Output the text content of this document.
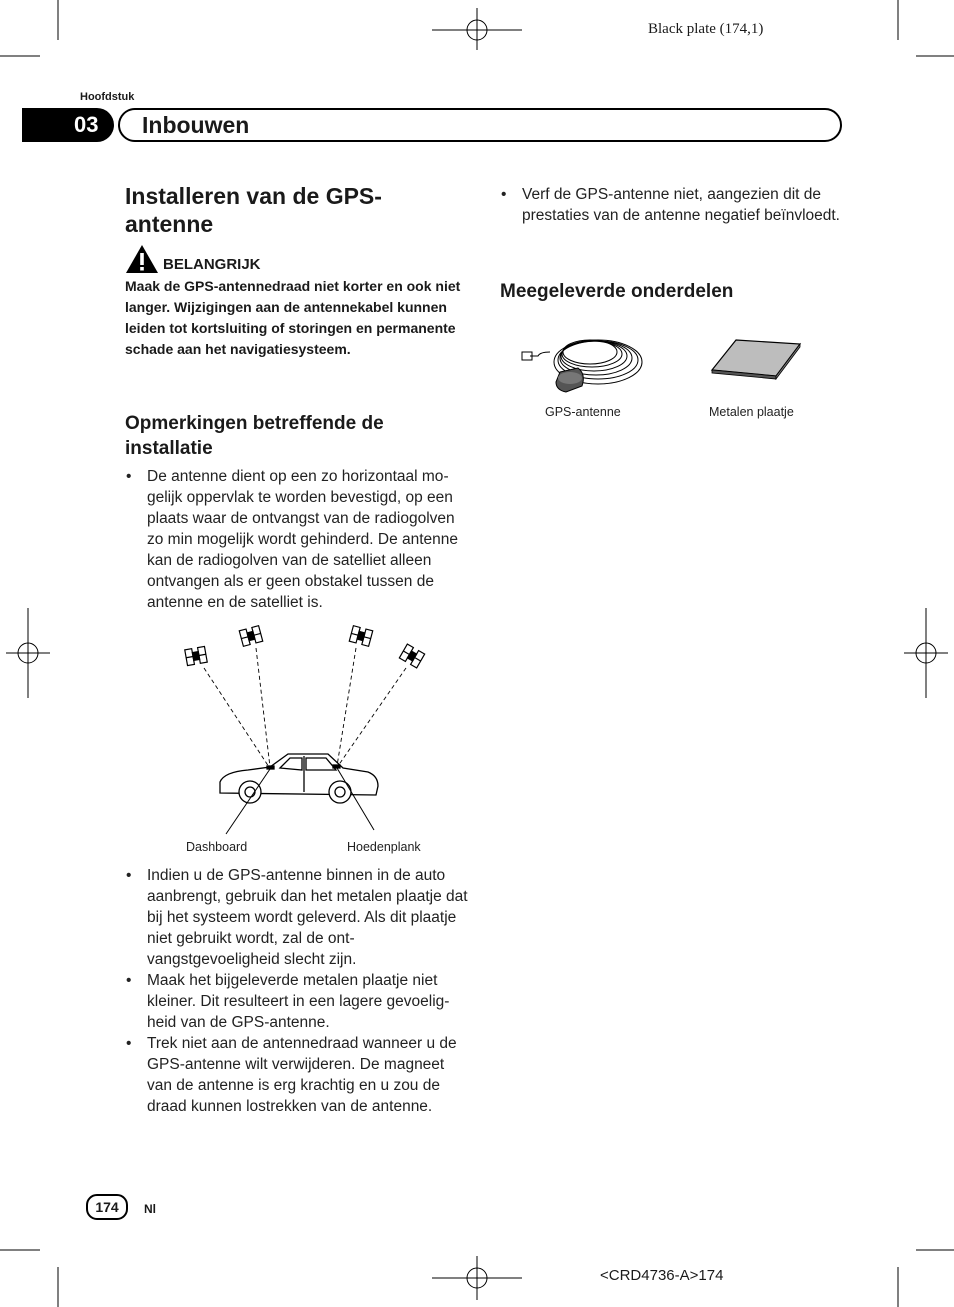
Black plate (174,1)
Hoofdstuk
03 Inbouwen
Installeren van de GPS-antenne
BELANGRIJK
Maak de GPS-antennedraad niet korter en ook niet langer. Wijzigingen aan de antennekabel kunnen leiden tot kortsluiting of storingen en permanente schade aan het navigatiesysteem.
Opmerkingen betreffende de installatie
• De antenne dient op een zo horizontaal mogelijk oppervlak te worden bevestigd, op een plaats waar de ontvangst van de radiogolven zo min mogelijk wordt gehinderd. De antenne kan de radiogolven van de satelliet alleen ontvangen als er geen obstakel tussen de antenne en de satelliet is.
Dashboard	Hoedenplank
• Indien u de GPS-antenne binnen in de auto aanbrengt, gebruik dan het metalen plaatje dat bij het systeem wordt geleverd. Als dit plaatje niet gebruikt wordt, zal de ontvangstgevoeligheid slecht zijn.
• Maak het bijgeleverde metalen plaatje niet kleiner. Dit resulteert in een lagere gevoeligheid van de GPS-antenne.
• Trek niet aan de antennedraad wanneer u de GPS-antenne wilt verwijderen. De magneet van de antenne is erg krachtig en u zou de draad kunnen lostrekken van de antenne.
• Verf de GPS-antenne niet, aangezien dit de prestaties van de antenne negatief beïnvloedt.
Meegeleverde onderdelen
GPS-antenne	Metalen plaatje
174	Nl
<CRD4736-A>174
